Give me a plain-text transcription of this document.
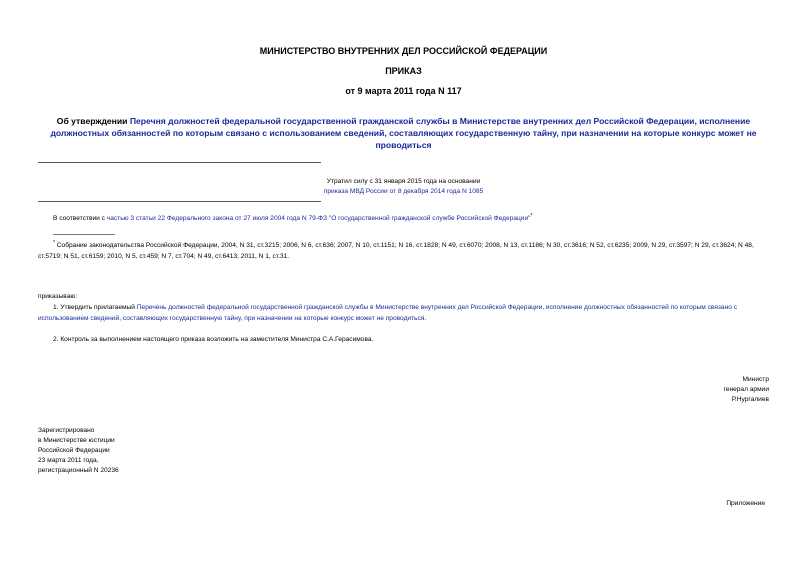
МИНИСТЕРСТВО ВНУТРЕННИХ ДЕЛ РОССИЙСКОЙ ФЕДЕРАЦИИ
ПРИКАЗ
от 9 марта 2011 года N 117
Об утверждении Перечня должностей федеральной государственной гражданской службы в Министерстве внутренних дел Российской Федерации, исполнение должностных обязанностей по которым связано с использованием сведений, составляющих государственную тайну, при назначении на которые конкурс может не проводиться
Утратил силу с 31 января 2015 года на основании
приказа МВД России от 8 декабря 2014 года N 1085
В соответствии с частью 3 статьи 22 Федерального закона от 27 июля 2004 года N 79-ФЗ "О государственной гражданской службе Российской Федерации"*
* Собрание законодательства Российской Федерации, 2004, N 31, ст.3215; 2006, N 6, ст.636; 2007, N 10, ст.1151; N 16, ст.1828; N 49, ст.6070; 2008, N 13, ст.1186; N 30, ст.3616; N 52, ст.6235; 2009, N 29, ст.3597; N 29, ст.3624; N 48, ст.5719; N 51, ст.6159; 2010, N 5, ст.459; N 7, ст.704; N 49, ст.6413; 2011, N 1, ст.31.
приказываю:
1. Утвердить прилагаемый Перечень должностей федеральной государственной гражданской службы в Министерстве внутренних дел Российской Федерации, исполнение должностных обязанностей по которым связано с использованием сведений, составляющих государственную тайну, при назначении на которые конкурс может не проводиться.
2. Контроль за выполнением настоящего приказа возложить на заместителя Министра С.А.Герасимова.
Министр
генерал армии
Р.Нургалиев
Зарегистрировано
в Министерстве юстиции
Российской Федерации
23 марта 2011 года,
регистрационный N 20236
Приложение
